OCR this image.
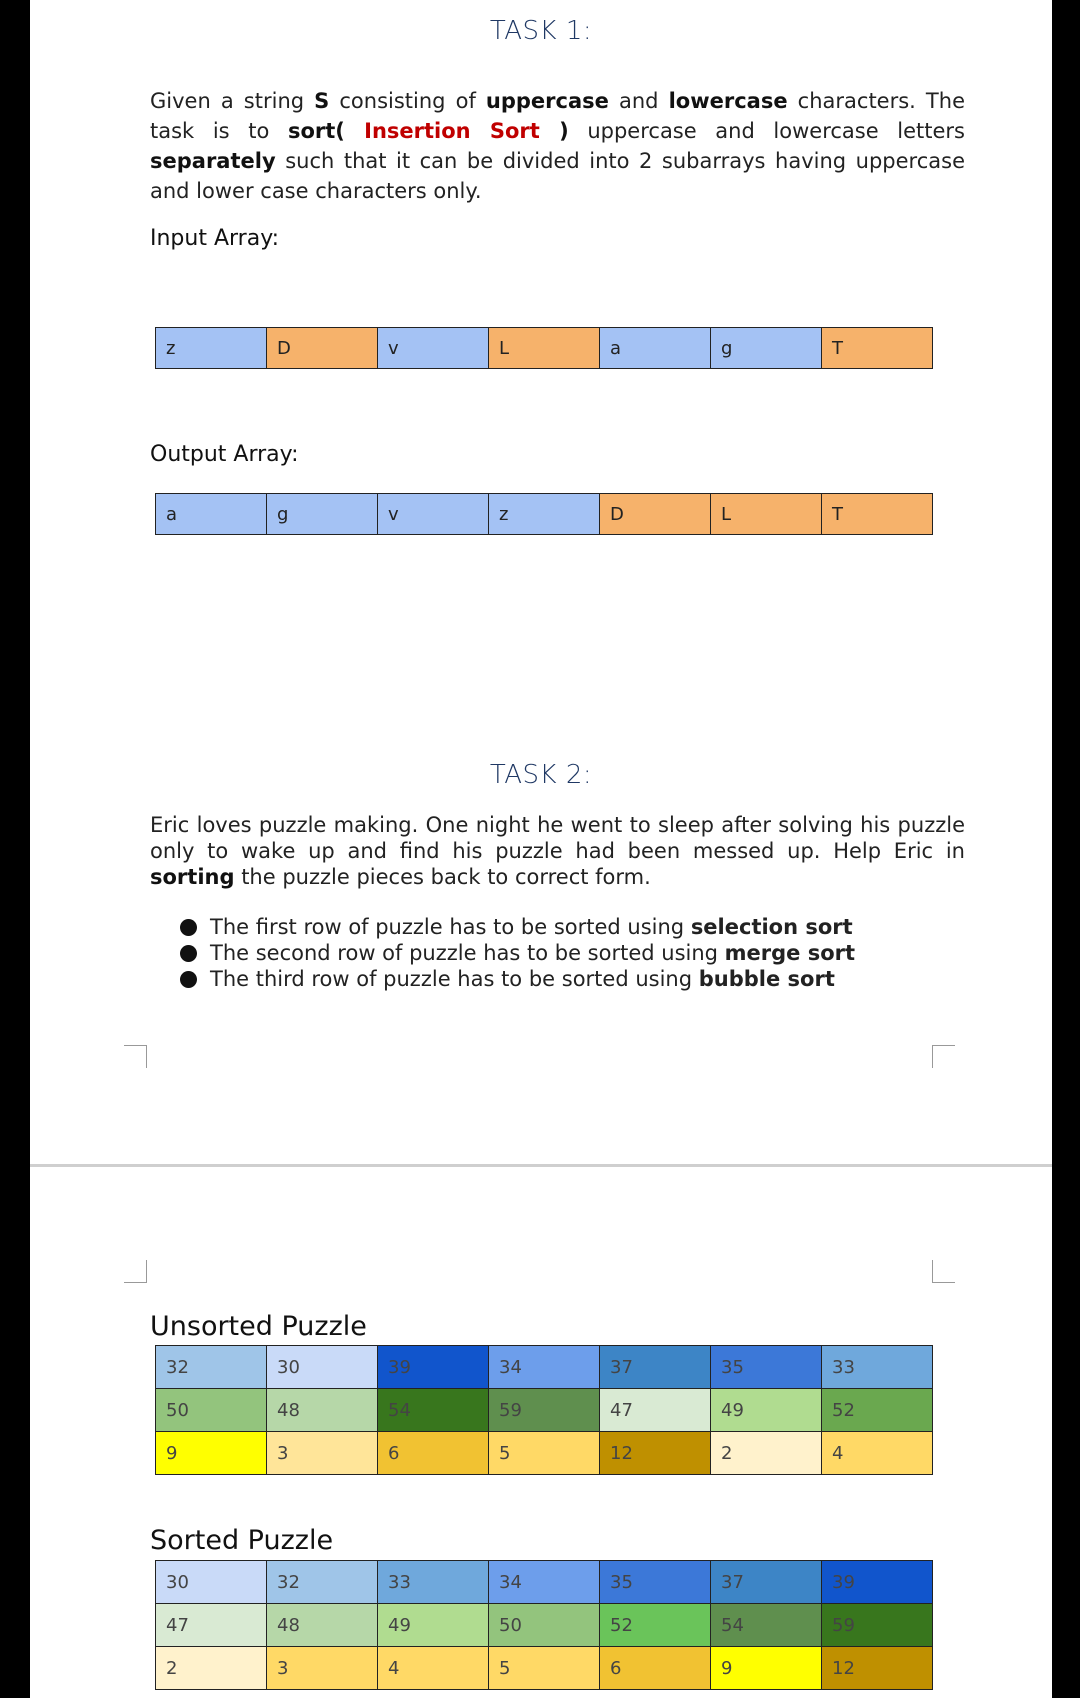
TASK 1:

Given a string S consisting of uppercase and lowercase characters. The task is to sort( Insertion Sort ) uppercase and lowercase letters separately such that it can be divided into 2 subarrays having uppercase and lower case characters only.

Input Array:
z	D	v	L	a	g	T
Output Array:
a	g	v	z	D	L	T
TASK 2:

Eric loves puzzle making. One night he went to sleep after solving his puzzle only to wake up and find his puzzle had been messed up. Help Eric in sorting the puzzle pieces back to correct form.

The first row of puzzle has to be sorted using selection sort
The second row of puzzle has to be sorted using merge sort
The third row of puzzle has to be sorted using bubble sort
Unsorted Puzzle
32	30	39	34	37	35	33
50	48	54	59	47	49	52
9	3	6	5	12	2	4
Sorted Puzzle
30	32	33	34	35	37	39
47	48	49	50	52	54	59
2	3	4	5	6	9	12
